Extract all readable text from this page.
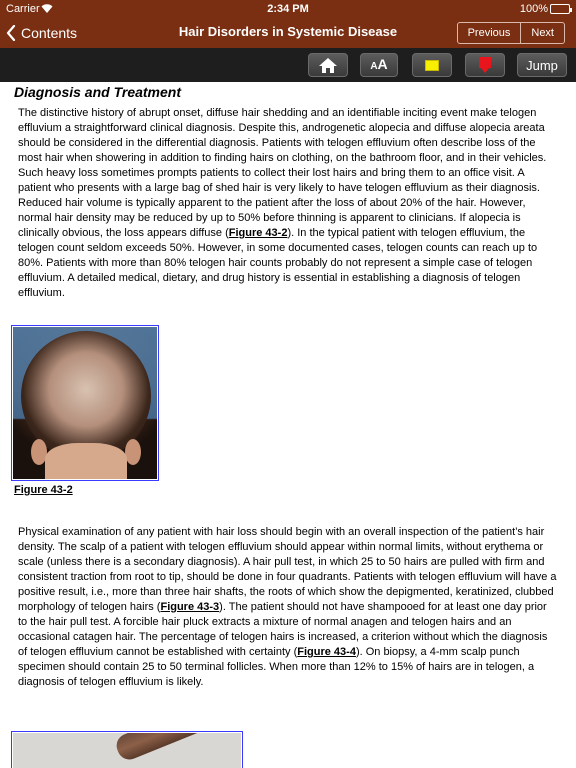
Carrier	2:34 PM	100%
Contents	Hair Disorders in Systemic Disease	Previous	Next
AA	Jump
Diagnosis and Treatment

The distinctive history of abrupt onset, diffuse hair shedding and an identifiable inciting event make telogen effluvium a straightforward clinical diagnosis. Despite this, androgenetic alopecia and diffuse alopecia areata should be considered in the differential diagnosis. Patients with telogen effluvium often describe loss of the most hair when showering in addition to finding hairs on clothing, on the bathroom floor, and in their vehicles. Such heavy loss sometimes prompts patients to collect their lost hairs and bring them to an office visit. A patient who presents with a large bag of shed hair is very likely to have telogen effluvium as their diagnosis. Reduced hair volume is typically apparent to the patient after the loss of about 20% of the hair. However, normal hair density may be reduced by up to 50% before thinning is apparent to clinicians. If alopecia is clinically obvious, the loss appears diffuse (Figure 43-2). In the typical patient with telogen effluvium, the telogen count seldom exceeds 50%. However, in some documented cases, telogen counts can reach up to 80%. Patients with more than 80% telogen hair counts probably do not represent a simple case of telogen effluvium. A detailed medical, dietary, and drug history is essential in establishing a diagnosis of telogen effluvium.

Figure 43-2

Physical examination of any patient with hair loss should begin with an overall inspection of the patient’s hair density. The scalp of a patient with telogen effluvium should appear within normal limits, without erythema or scale (unless there is a secondary diagnosis). A hair pull test, in which 25 to 50 hairs are pulled with firm and consistent traction from root to tip, should be done in four quadrants. Patients with telogen effluvium will have a positive result, i.e., more than three hair shafts, the roots of which show the depigmented, keratinized, clubbed morphology of telogen hairs (Figure 43-3). The patient should not have shampooed for at least one day prior to the hair pull test. A forcible hair pluck extracts a mixture of normal anagen and telogen hairs and an occasional catagen hair. The percentage of telogen hairs is increased, a criterion without which the diagnosis of telogen effluvium cannot be established with certainty (Figure 43-4). On biopsy, a 4-mm scalp punch specimen should contain 25 to 50 terminal follicles. When more than 12% to 15% of hairs are in telogen, a diagnosis of telogen effluvium is likely.
